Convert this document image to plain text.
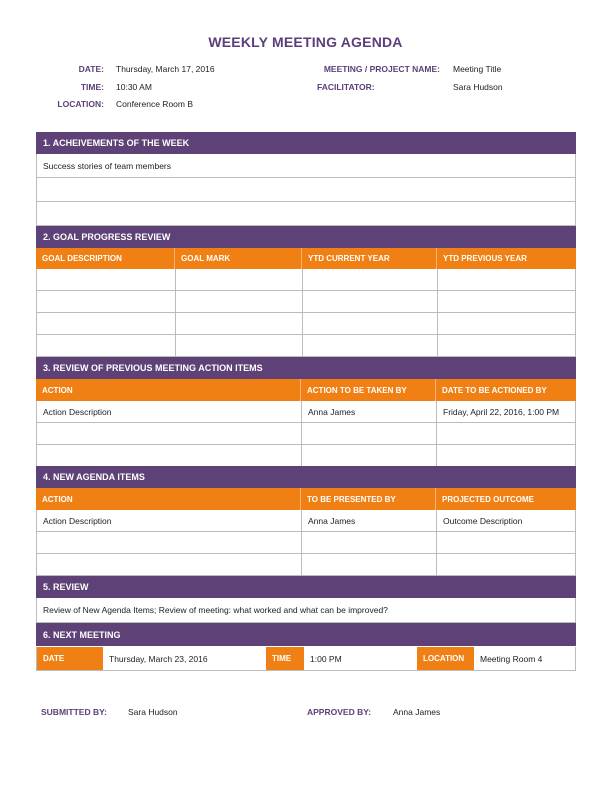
WEEKLY MEETING AGENDA
DATE: Thursday, March 17, 2016
TIME: 10:30 AM
LOCATION: Conference Room B
MEETING / PROJECT NAME: Meeting Title
FACILITATOR:	Sara Hudson
1. ACHEIVEMENTS OF THE WEEK
Success stories of team members
2. GOAL PROGRESS REVIEW
GOAL DESCRIPTION	GOAL MARK	YTD CURRENT YEAR	YTD PREVIOUS YEAR
3. REVIEW OF PREVIOUS MEETING ACTION ITEMS
ACTION	ACTION TO BE TAKEN BY	DATE TO BE ACTIONED BY
Action Description	Anna James	Friday, April 22, 2016, 1:00 PM
4. NEW AGENDA ITEMS
ACTION	TO BE PRESENTED BY	PROJECTED OUTCOME
Action Description	Anna James	Outcome Description
5. REVIEW
Review of New Agenda Items; Review of meeting: what worked and what can be improved?
6. NEXT MEETING
DATE	Thursday, March 23, 2016	TIME	1:00 PM	LOCATION	Meeting Room 4
SUBMITTED BY: Sara Hudson	APPROVED BY:	Anna James
